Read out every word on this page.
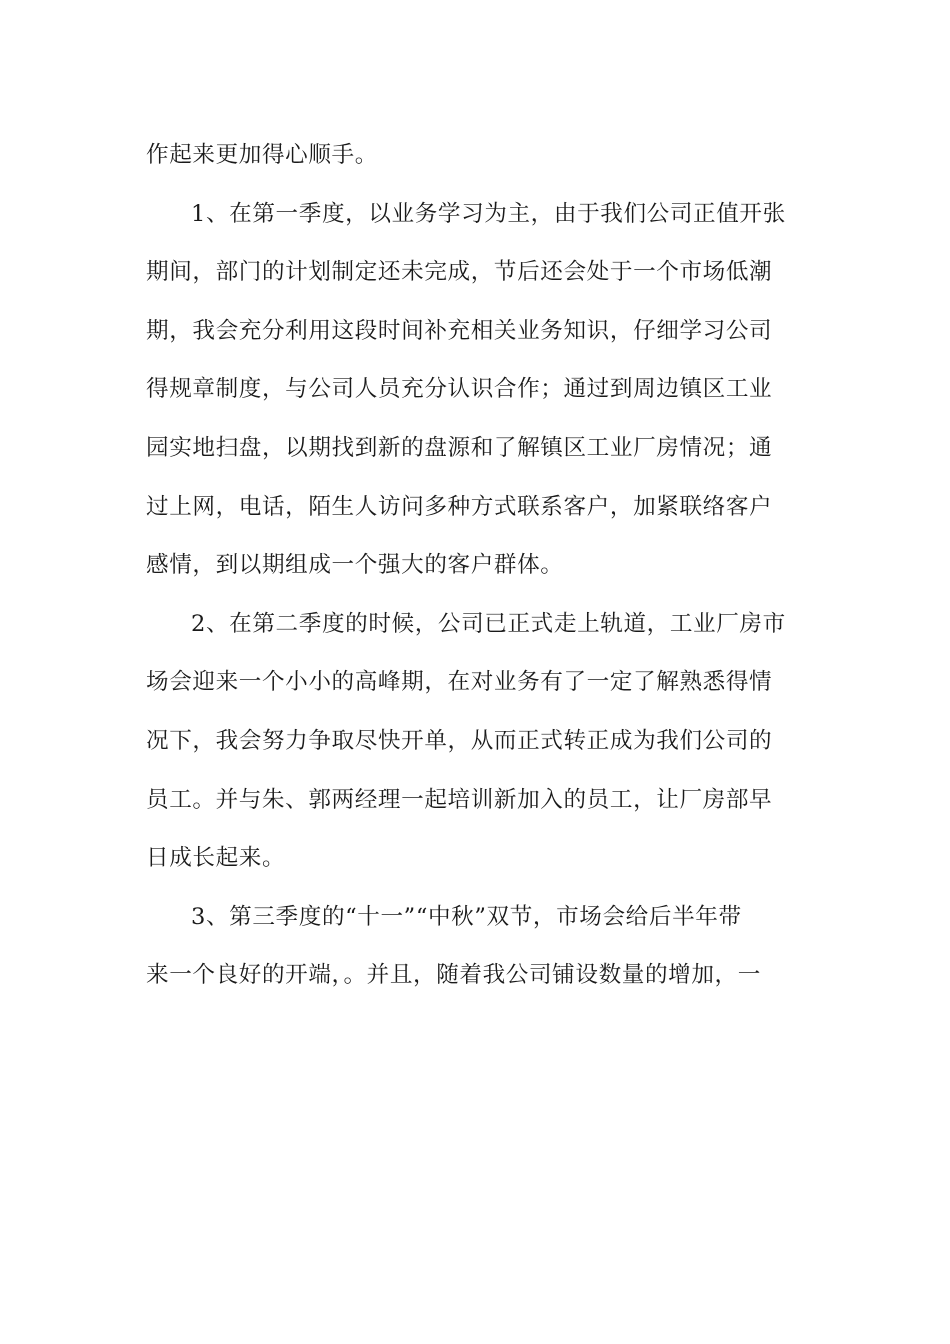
作起来更加得心顺手。
1、在第一季度，以业务学习为主，由于我们公司正值开张
期间，部门的计划制定还未完成，节后还会处于一个市场低潮
期，我会充分利用这段时间补充相关业务知识，仔细学习公司
得规章制度，与公司人员充分认识合作；通过到周边镇区工业
园实地扫盘，以期找到新的盘源和了解镇区工业厂房情况；通
过上网，电话，陌生人访问多种方式联系客户，加紧联络客户
感情，到以期组成一个强大的客户群体。
2、在第二季度的时候，公司已正式走上轨道，工业厂房市
场会迎来一个小小的高峰期，在对业务有了一定了解熟悉得情
况下，我会努力争取尽快开单，从而正式转正成为我们公司的
员工。并与朱、郭两经理一起培训新加入的员工，让厂房部早
日成长起来。
3、第三季度的“十一”“中秋”双节，市场会给后半年带
来一个良好的开端，。并且，随着我公司铺设数量的增加，一
